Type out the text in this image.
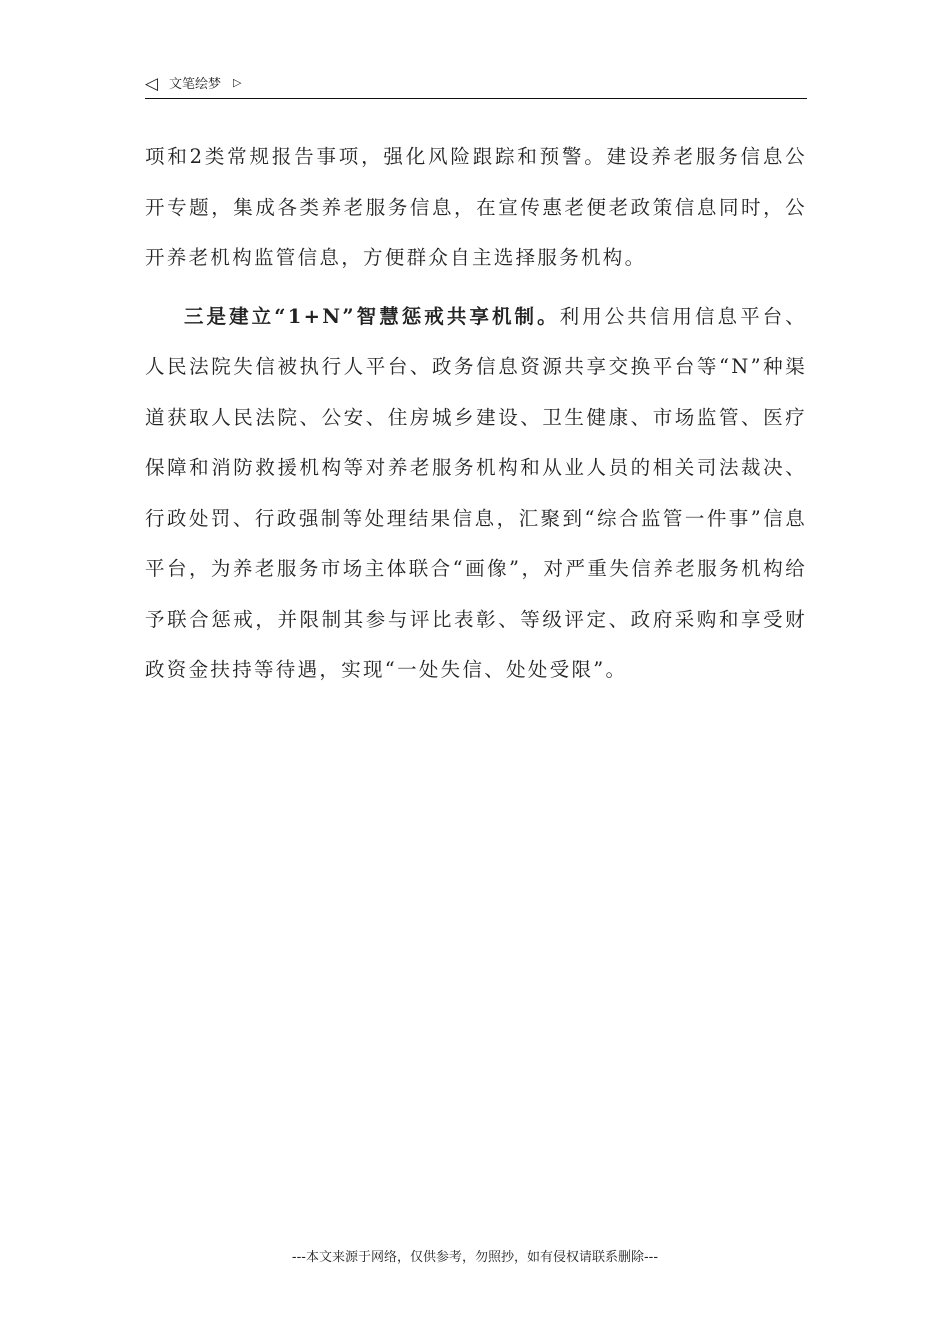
◁ 文笔绘梦 ▷

项和2类常规报告事项，强化风险跟踪和预警。建设养老服务信息公开专题，集成各类养老服务信息，在宣传惠老便老政策信息同时，公开养老机构监管信息，方便群众自主选择服务机构。

三是建立“1+N”智慧惩戒共享机制。利用公共信用信息平台、人民法院失信被执行人平台、政务信息资源共享交换平台等“N”种渠道获取人民法院、公安、住房城乡建设、卫生健康、市场监管、医疗保障和消防救援机构等对养老服务机构和从业人员的相关司法裁决、行政处罚、行政强制等处理结果信息，汇聚到“综合监管一件事”信息平台，为养老服务市场主体联合“画像”，对严重失信养老服务机构给予联合惩戒，并限制其参与评比表彰、等级评定、政府采购和享受财政资金扶持等待遇，实现“一处失信、处处受限”。

---本文来源于网络，仅供参考，勿照抄，如有侵权请联系删除---
